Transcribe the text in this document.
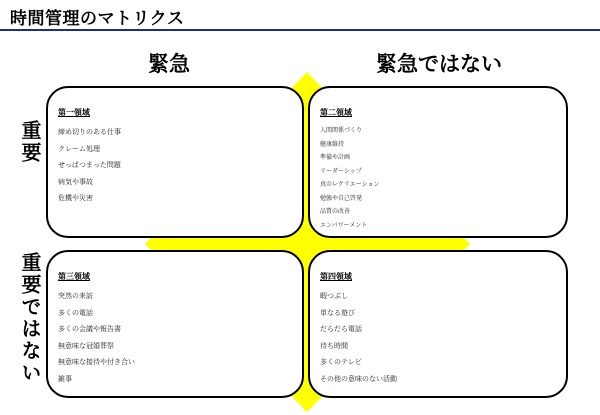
時間管理のマトリクス
緊急	緊急ではない
重要
重要ではない
第一領域
締め切りのある仕事
クレーム処理
せっぱつまった問題
病気や事故
危機や災害
第二領域
人間関係づくり
健康維持
準備や計画
リーダーシップ
真のレクリエーション
勉強や自己啓発
品質の改善
エンパワーメント
第三領域
突然の来訪
多くの電話
多くの会議や報告書
無意味な冠婚葬祭
無意味な接待や付き合い
雑事
第四領域
暇つぶし
単なる遊び
だらだら電話
待ち時間
多くのテレビ
その他の意味のない活動
